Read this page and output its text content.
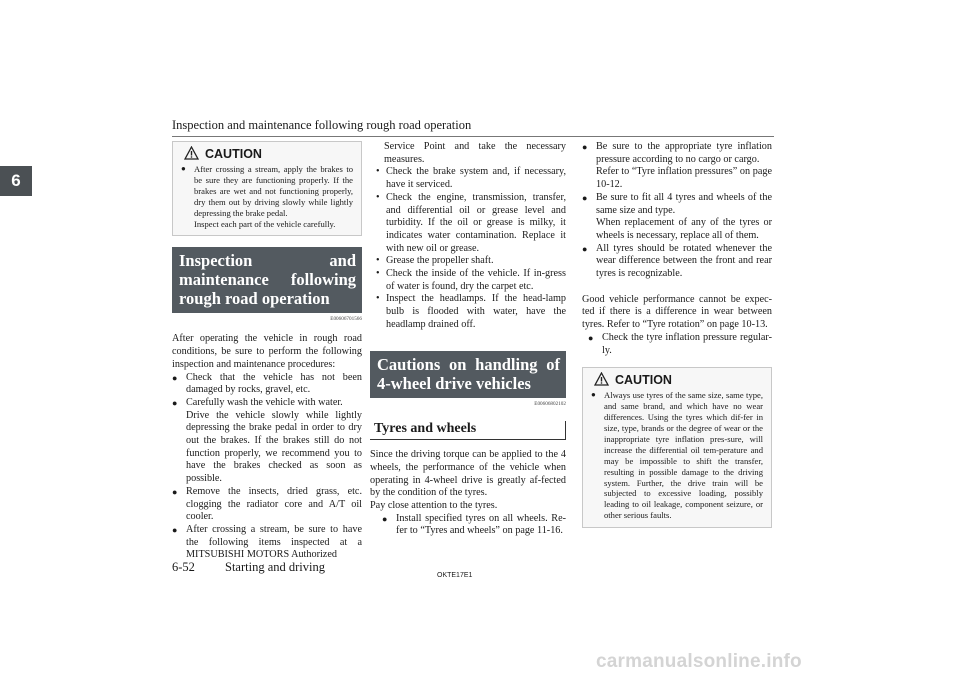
Inspection and maintenance following rough road operation
6
CAUTION
● After crossing a stream, apply the brakes to be sure they are functioning properly. If the brakes are wet and not functioning properly, dry them out by driving slowly while lightly depressing the brake pedal.
Inspect each part of the vehicle carefully.
Inspection and maintenance following rough road operation
E00606701566

After operating the vehicle in rough road conditions, be sure to perform the following inspection and maintenance procedures:

● Check that the vehicle has not been damaged by rocks, gravel, etc.
● Carefully wash the vehicle with water.
Drive the vehicle slowly while lightly depressing the brake pedal in order to dry out the brakes. If the brakes still do not function properly, we recommend you to have the brakes checked as soon as possible.
● Remove the insects, dried grass, etc. clogging the radiator core and A/T oil cooler.
● After crossing a stream, be sure to have the following items inspected at a MITSUBISHI MOTORS Authorized

Service Point and take the necessary measures.

• Check the brake system and, if necessary, have it serviced.
• Check the engine, transmission, transfer, and differential oil or grease level and turbidity. If the oil or grease is milky, it indicates water contamination. Replace it with new oil or grease.
• Grease the propeller shaft.
• Check the inside of the vehicle. If in-gress of water is found, dry the carpet etc.
• Inspect the headlamps. If the head-lamp bulb is flooded with water, have the headlamp drained off.
Cautions on handling of 4-wheel drive vehicles
E00606802102
Tyres and wheels

Since the driving torque can be applied to the 4 wheels, the performance of the vehicle when operating in 4-wheel drive is greatly af-fected by the condition of the tyres.
Pay close attention to the tyres.

● Install specified tyres on all wheels. Re-fer to “Tyres and wheels” on page 11-16.
● Be sure to the appropriate tyre inflation pressure according to no cargo or cargo.
Refer to “Tyre inflation pressures” on page 10-12.
● Be sure to fit all 4 tyres and wheels of the same size and type.
When replacement of any of the tyres or wheels is necessary, replace all of them.
● All tyres should be rotated whenever the wear difference between the front and rear tyres is recognizable.

Good vehicle performance cannot be expec-ted if there is a difference in wear between tyres. Refer to “Tyre rotation” on page 10-13.

● Check the tyre inflation pressure regular-ly.
CAUTION
● Always use tyres of the same size, same type, and same brand, and which have no wear differences. Using the tyres which dif-fer in size, type, brands or the degree of wear or the inappropriate tyre inflation pres-sure, will increase the differential oil tem-perature and may be impossible to shift the transfer, resulting in possible damage to the driving system. Further, the drive train will be subjected to excessive loading, possibly leading to oil leakage, component seizure, or other serious faults.
6-52 Starting and driving
OKTE17E1
carmanualsonline.info
